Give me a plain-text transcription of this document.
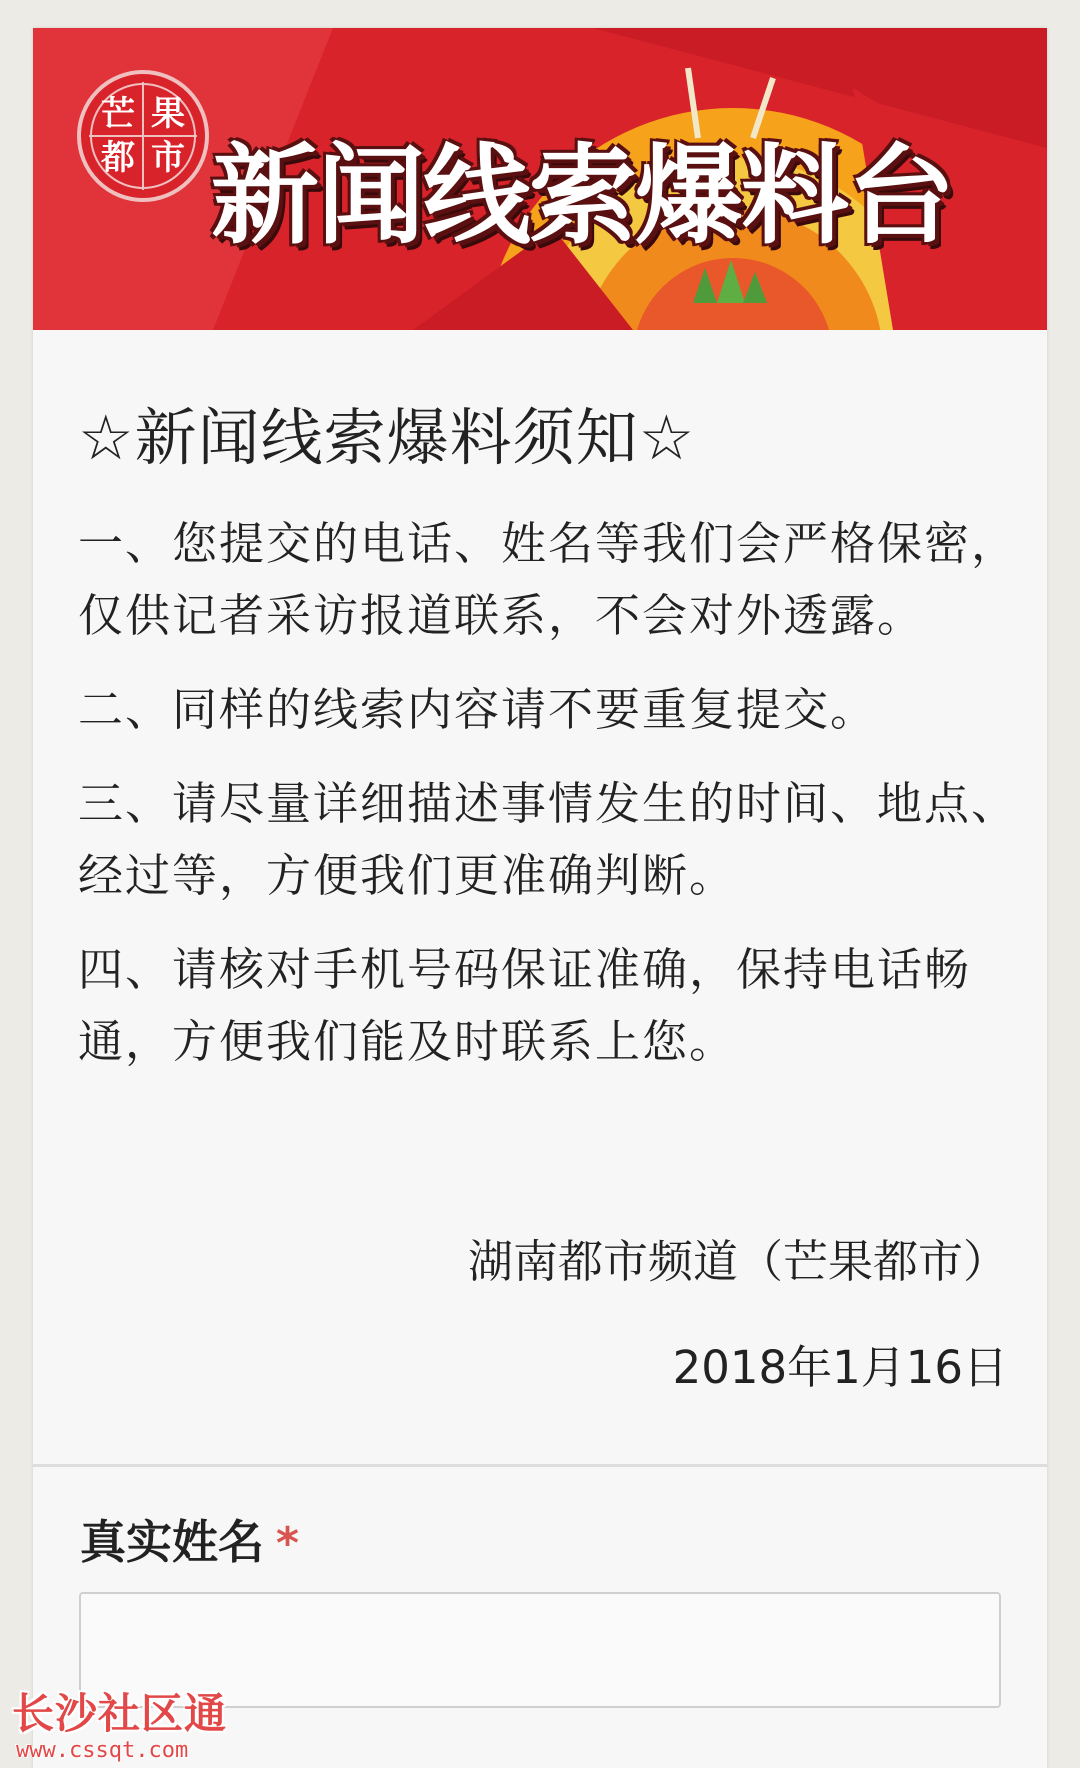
芒 果
都 市 新闻线索爆料台
☆新闻线索爆料须知☆

一、您提交的电话、姓名等我们会严格保密，仅供记者采访报道联系，不会对外透露。

二、同样的线索内容请不要重复提交。

三、请尽量详细描述事情发生的时间、地点、经过等，方便我们更准确判断。

四、请核对手机号码保证准确，保持电话畅通，方便我们能及时联系上您。

湖南都市频道（芒果都市）
2018年1月16日
真实姓名 *
长沙社区通
www.cssqt.com
